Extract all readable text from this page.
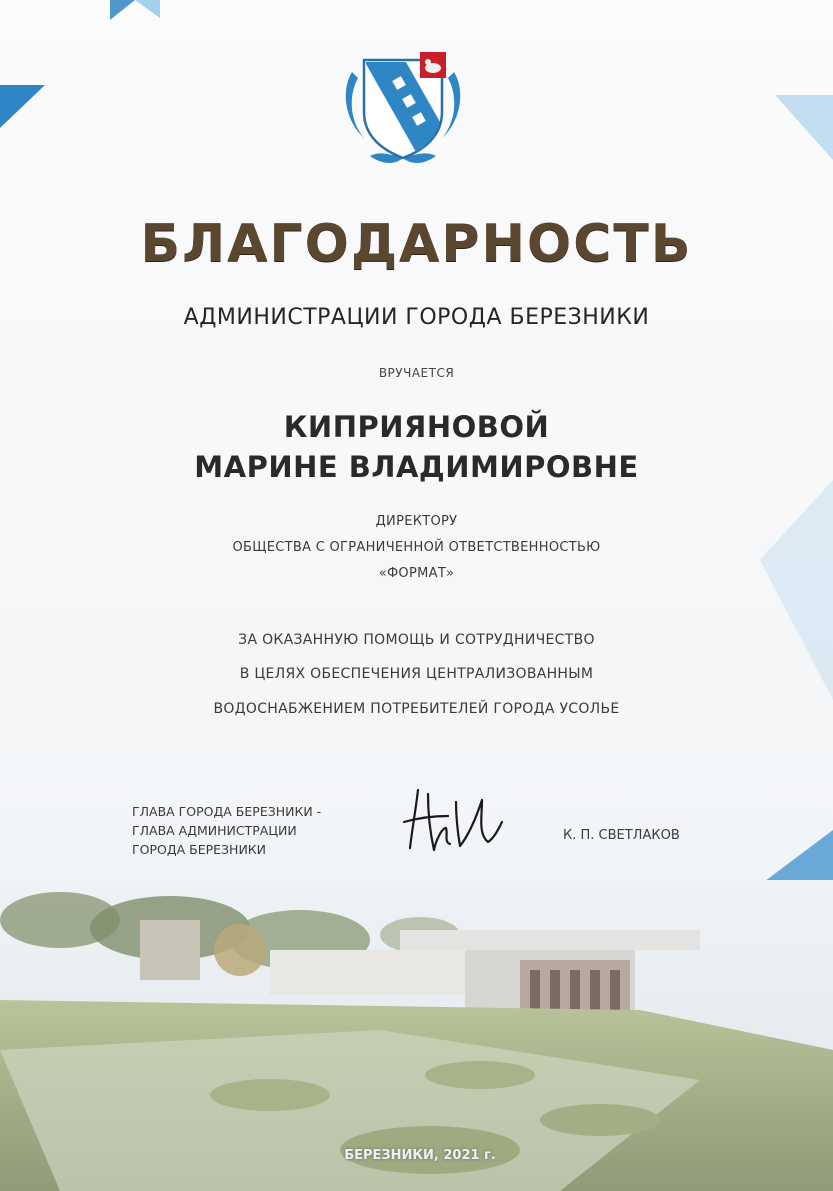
БЛАГОДАРНОСТЬ
АДМИНИСТРАЦИИ ГОРОДА БЕРЕЗНИКИ
ВРУЧАЕТСЯ
КИПРИЯНОВОЙ
МАРИНЕ ВЛАДИМИРОВНЕ
ДИРЕКТОРУ
ОБЩЕСТВА С ОГРАНИЧЕННОЙ ОТВЕТСТВЕННОСТЬЮ
«ФОРМАТ»
ЗА ОКАЗАННУЮ ПОМОЩЬ И СОТРУДНИЧЕСТВО
В ЦЕЛЯХ ОБЕСПЕЧЕНИЯ ЦЕНТРАЛИЗОВАННЫМ
ВОДОСНАБЖЕНИЕМ ПОТРЕБИТЕЛЕЙ ГОРОДА УСОЛЬЕ
ГЛАВА ГОРОДА БЕРЕЗНИКИ -
ГЛАВА АДМИНИСТРАЦИИ
ГОРОДА БЕРЕЗНИКИ
К. П. СВЕТЛАКОВ
БЕРЕЗНИКИ, 2021 г.
